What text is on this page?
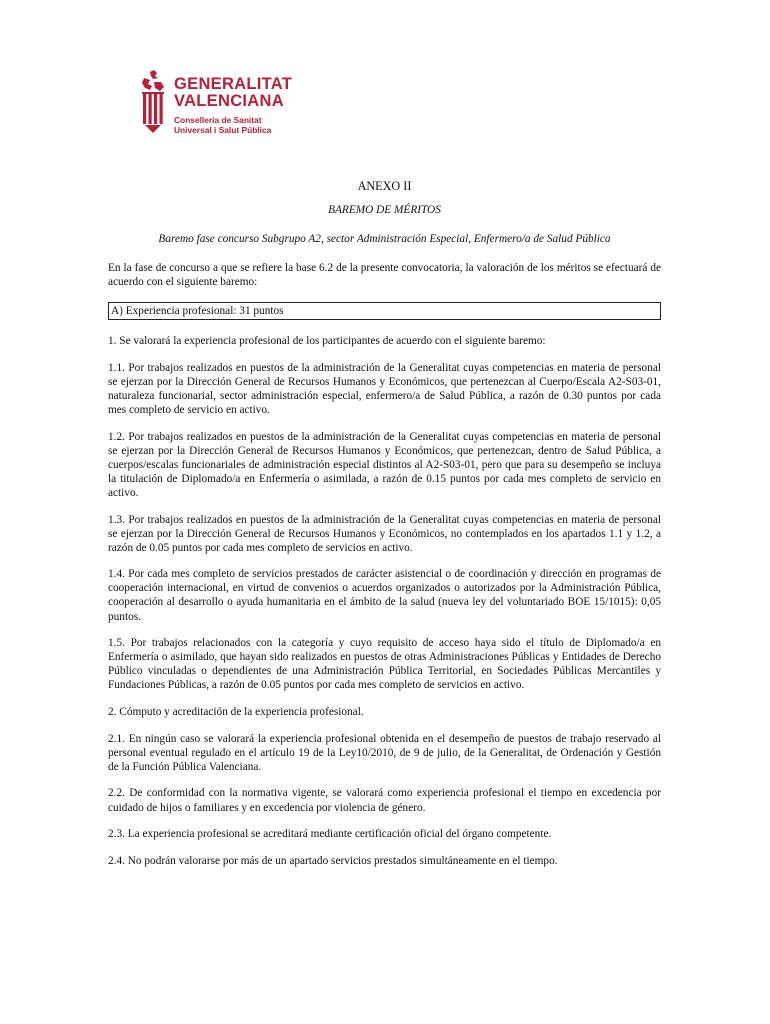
GENERALITAT
VALENCIANA
Conselleria de Sanitat
Universal i Salut Pública
ANEXO II
BAREMO DE MÉRITOS
Baremo fase concurso Subgrupo A2, sector Administración Especial, Enfermero/a de Salud Pública

En la fase de concurso a que se refiere la base 6.2 de la presente convocatoria, la valoración de los méritos se efectuará de acuerdo con el siguiente baremo:

A) Experiencia profesional: 31 puntos

1. Se valorará la experiencia profesional de los participantes de acuerdo con el siguiente baremo:

1.1. Por trabajos realizados en puestos de la administración de la Generalitat cuyas competencias en materia de personal se ejerzan por la Dirección General de Recursos Humanos y Económicos, que pertenezcan al Cuerpo/Escala A2-S03-01, naturaleza funcionarial, sector administración especial, enfermero/a de Salud Pública, a razón de 0.30 puntos por cada mes completo de servicio en activo.

1.2. Por trabajos realizados en puestos de la administración de la Generalitat cuyas competencias en materia de personal se ejerzan por la Dirección General de Recursos Humanos y Económicos, que pertenezcan, dentro de Salud Pública, a cuerpos/escalas funcionariales de administración especial distintos al A2-S03-01, pero que para su desempeño se incluya la titulación de Diplomado/a en Enfermería o asimilada, a razón de 0.15 puntos por cada mes completo de servicio en activo.

1.3. Por trabajos realizados en puestos de la administración de la Generalitat cuyas competencias en materia de personal se ejerzan por la Dirección General de Recursos Humanos y Económicos, no contemplados en los apartados 1.1 y 1.2, a razón de 0.05 puntos por cada mes completo de servicios en activo.

1.4. Por cada mes completo de servicios prestados de carácter asistencial o de coordinación y dirección en programas de cooperación internacional, en virtud de convenios o acuerdos organizados o autorizados por la Administración Pública, cooperación al desarrollo o ayuda humanitaria en el ámbito de la salud (nueva ley del voluntariado BOE 15/1015): 0,05 puntos.

1.5. Por trabajos relacionados con la categoría y cuyo requisito de acceso haya sido el título de Diplomado/a en Enfermería o asimilado, que hayan sido realizados en puestos de otras Administraciones Públicas y Entidades de Derecho Público vinculadas o dependientes de una Administración Pública Territorial, en Sociedades Públicas Mercantiles y Fundaciones Públicas, a razón de 0.05 puntos por cada mes completo de servicios en activo.

2. Cómputo y acreditación de la experiencia profesional.

2.1. En ningún caso se valorará la experiencia profesional obtenida en el desempeño de puestos de trabajo reservado al personal eventual regulado en el artículo 19 de la Ley10/2010, de 9 de julio, de la Generalitat, de Ordenación y Gestión de la Función Pública Valenciana.

2.2. De conformidad con la normativa vigente, se valorará como experiencia profesional el tiempo en excedencia por cuidado de hijos o familiares y en excedencia por violencia de género.

2.3. La experiencia profesional se acreditará mediante certificación oficial del órgano competente.

2.4. No podrán valorarse por más de un apartado servicios prestados simultáneamente en el tiempo.
